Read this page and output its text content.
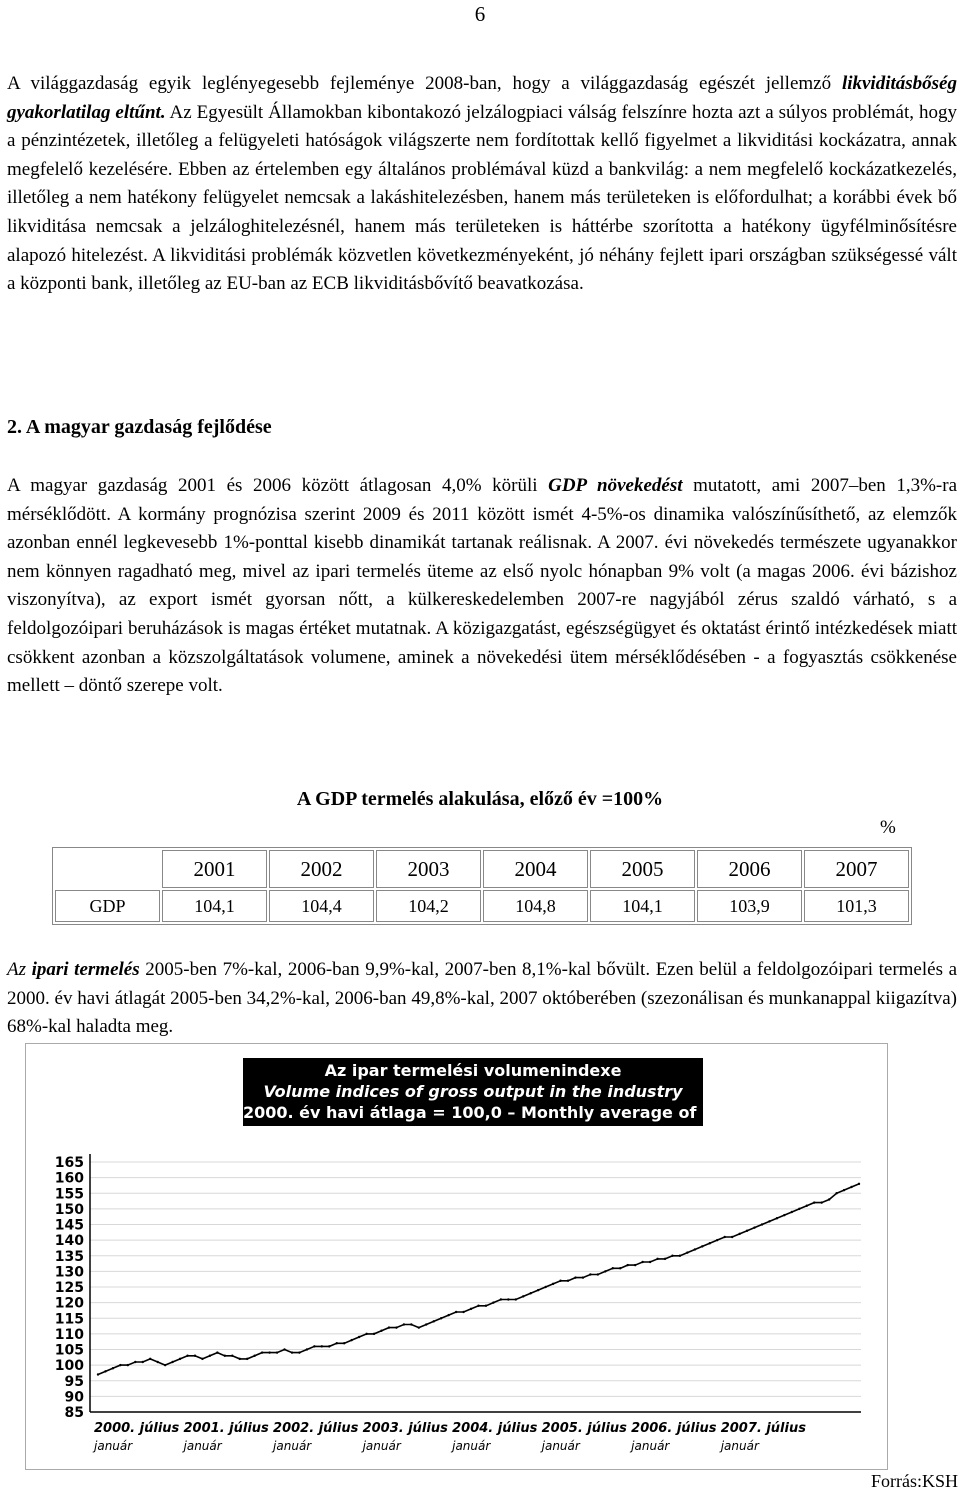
6

A világgazdaság egyik leglényegesebb fejleménye 2008-ban, hogy a világgazdaság egészét jellemző likviditásbőség gyakorlatilag eltűnt. Az Egyesült Államokban kibontakozó jelzálogpiaci válság felszínre hozta azt a súlyos problémát, hogy a pénzintézetek, illetőleg a felügyeleti hatóságok világszerte nem fordítottak kellő figyelmet a likviditási kockázatra, annak megfelelő kezelésére. Ebben az értelemben egy általános problémával küzd a bankvilág: a nem megfelelő kockázatkezelés, illetőleg a nem hatékony felügyelet nemcsak a lakáshitelezésben, hanem más területeken is előfordulhat; a korábbi évek bő likviditása nemcsak a jelzáloghitelezésnél, hanem más területeken is háttérbe szorította a hatékony ügyfélminősítésre alapozó hitelezést. A likviditási problémák közvetlen következményeként, jó néhány fejlett ipari országban szükségessé vált a központi bank, illetőleg az EU-ban az ECB likviditásbővítő beavatkozása.

2. A magyar gazdaság fejlődése

A magyar gazdaság 2001 és 2006 között átlagosan 4,0% körüli GDP növekedést mutatott, ami 2007–ben 1,3%-ra mérséklődött. A kormány prognózisa szerint 2009 és 2011 között ismét 4-5%-os dinamika valószínűsíthető, az elemzők azonban ennél legkevesebb 1%-ponttal kisebb dinamikát tartanak reálisnak. A 2007. évi növekedés természete ugyanakkor nem könnyen ragadható meg, mivel az ipari termelés üteme az első nyolc hónapban 9% volt (a magas 2006. évi bázishoz viszonyítva), az export ismét gyorsan nőtt, a külkereskedelemben 2007-re nagyjából zérus szaldó várható, s a feldolgozóipari beruházások is magas értéket mutatnak. A közigazgatást, egészségügyet és oktatást érintő intézkedések miatt csökkent azonban a közszolgáltatások volumene, aminek a növekedési ütem mérséklődésében - a fogyasztás csökkenése mellett – döntő szerepe volt.

A GDP termelés alakulása, előző év =100%
%
	2001	2002	2003	2004	2005	2006	2007
GDP	104,1	104,4	104,2	104,8	104,1	103,9	101,3

Az ipari termelés 2005-ben 7%-kal, 2006-ban 9,9%-kal, 2007-ben 8,1%-kal bővült. Ezen belül a feldolgozóipari termelés a 2000. év havi átlagát 2005-ben 34,2%-kal, 2006-ban 49,8%-kal, 2007 októberében (szezonálisan és munkanappal kiigazítva) 68%-kal haladta meg.

165
160
155
150
145
140
135
130
125
120
115
110
105
100
95
90
85
2000. július
január
2001. július
január
2002. július
január
2003. július
január
2004. július
január
2005. július
január
2006. július
január
2007. július
január
Az ipar termelési volumenindexe
Volume indices of gross output in the industry
2000. év havi átlaga = 100,0 – Monthly average of 2000 = 100,0
Forrás:KSH
